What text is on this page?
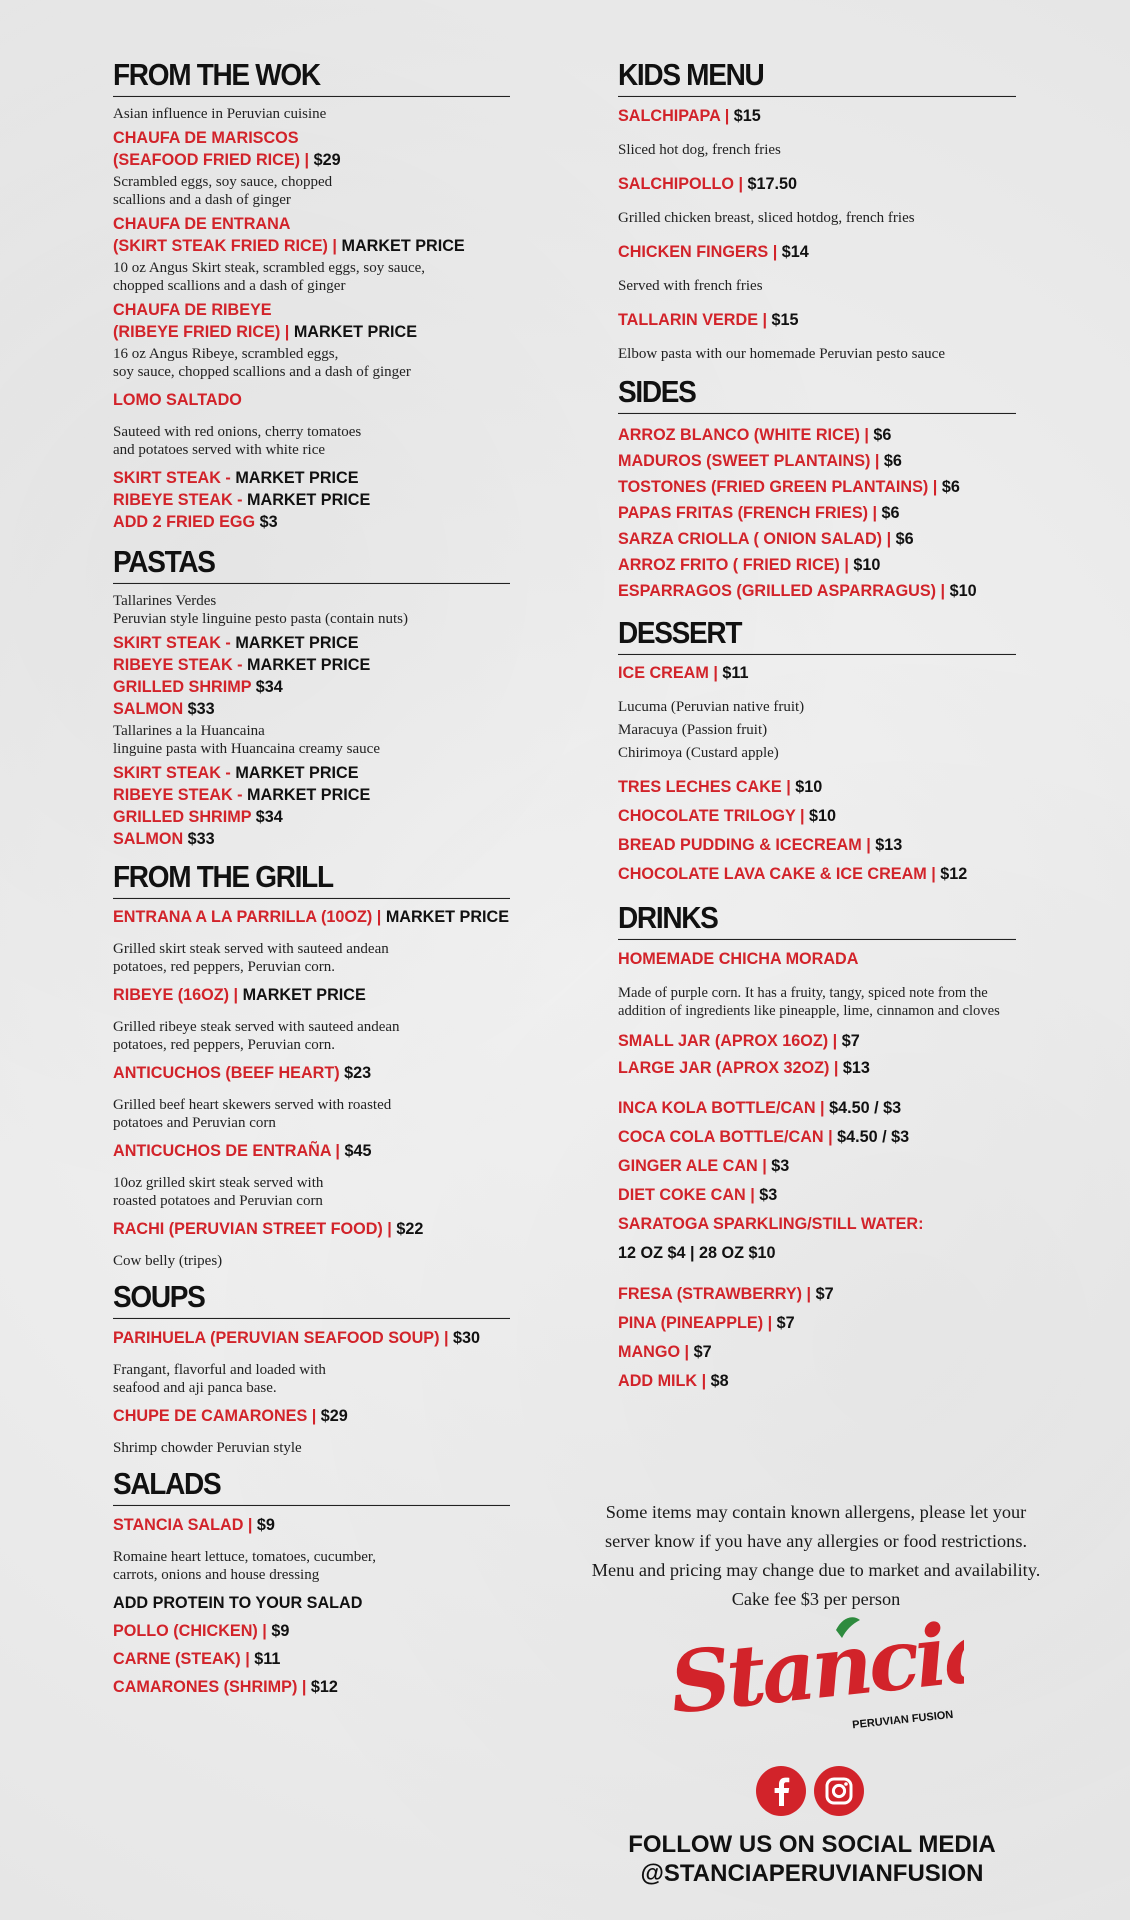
FROM THE WOK

Asian influence in Peruvian cuisine

CHAUFA DE MARISCOS

(SEAFOOD FRIED RICE) | $29

Scrambled eggs, soy sauce, chopped
scallions and a dash of ginger

CHAUFA DE ENTRANA

(SKIRT STEAK FRIED RICE) | MARKET PRICE

10 oz Angus Skirt steak, scrambled eggs, soy sauce,
chopped scallions and a dash of ginger

CHAUFA DE RIBEYE

(RIBEYE FRIED RICE) | MARKET PRICE

16 oz Angus Ribeye, scrambled eggs,
soy sauce, chopped scallions and a dash of ginger

LOMO SALTADO

Sauteed with red onions, cherry tomatoes
and potatoes served with white rice

SKIRT STEAK - MARKET PRICE

RIBEYE STEAK - MARKET PRICE

ADD 2 FRIED EGG $3

PASTAS

Tallarines Verdes
Peruvian style linguine pesto pasta (contain nuts)

SKIRT STEAK - MARKET PRICE

RIBEYE STEAK - MARKET PRICE

GRILLED SHRIMP $34

SALMON $33

Tallarines a la Huancaina
linguine pasta with Huancaina creamy sauce

SKIRT STEAK - MARKET PRICE

RIBEYE STEAK - MARKET PRICE

GRILLED SHRIMP $34

SALMON $33

FROM THE GRILL

ENTRANA A LA PARRILLA (10OZ) | MARKET PRICE

Grilled skirt steak served with sauteed andean
potatoes, red peppers, Peruvian corn.

RIBEYE (16OZ) | MARKET PRICE

Grilled ribeye steak served with sauteed andean
potatoes, red peppers, Peruvian corn.

ANTICUCHOS (BEEF HEART) $23

Grilled beef heart skewers served with roasted
potatoes and Peruvian corn

ANTICUCHOS DE ENTRAÑA | $45

10oz grilled skirt steak served with
roasted potatoes and Peruvian corn

RACHI (PERUVIAN STREET FOOD) | $22

Cow belly (tripes)

SOUPS

PARIHUELA (PERUVIAN SEAFOOD SOUP) | $30

Frangant, flavorful and loaded with
seafood and aji panca base.

CHUPE DE CAMARONES | $29

Shrimp chowder Peruvian style

SALADS

STANCIA SALAD | $9

Romaine heart lettuce, tomatoes, cucumber,
carrots, onions and house dressing

ADD PROTEIN TO YOUR SALAD

POLLO (CHICKEN) | $9

CARNE (STEAK) | $11

CAMARONES (SHRIMP) | $12

KIDS MENU

SALCHIPAPA | $15

Sliced hot dog, french fries

SALCHIPOLLO | $17.50

Grilled chicken breast, sliced hotdog, french fries

CHICKEN FINGERS | $14

Served with french fries

TALLARIN VERDE | $15

Elbow pasta with our homemade Peruvian pesto sauce

SIDES

ARROZ BLANCO (WHITE RICE) | $6

MADUROS (SWEET PLANTAINS) | $6

TOSTONES (FRIED GREEN PLANTAINS) | $6

PAPAS FRITAS (FRENCH FRIES) | $6

SARZA CRIOLLA ( ONION SALAD) | $6

ARROZ FRITO ( FRIED RICE) | $10

ESPARRAGOS (GRILLED ASPARRAGUS) | $10

DESSERT

ICE CREAM | $11

Lucuma (Peruvian native fruit)
Maracuya (Passion fruit)
Chirimoya (Custard apple)

TRES LECHES CAKE | $10

CHOCOLATE TRILOGY | $10

BREAD PUDDING & ICECREAM | $13

CHOCOLATE LAVA CAKE & ICE CREAM | $12

DRINKS

HOMEMADE CHICHA MORADA

Made of purple corn. It has a fruity, tangy, spiced note from the
addition of ingredients like pineapple, lime, cinnamon and cloves

SMALL JAR (APROX 16OZ) | $7

LARGE JAR (APROX 32OZ) | $13

INCA KOLA BOTTLE/CAN | $4.50 / $3

COCA COLA BOTTLE/CAN | $4.50 / $3

GINGER ALE CAN | $3

DIET COKE CAN | $3

SARATOGA SPARKLING/STILL WATER:

12 OZ $4 | 28 OZ $10

FRESA (STRAWBERRY) | $7

PINA (PINEAPPLE) | $7

MANGO | $7

ADD MILK | $8

Some items may contain known allergens, please let your server know if you have any allergies or food restrictions. Menu and pricing may change due to market and availability. Cake fee $3 per person

Stancia
PERUVIAN FUSION
FOLLOW US ON SOCIAL MEDIA
@STANCIAPERUVIANFUSION
